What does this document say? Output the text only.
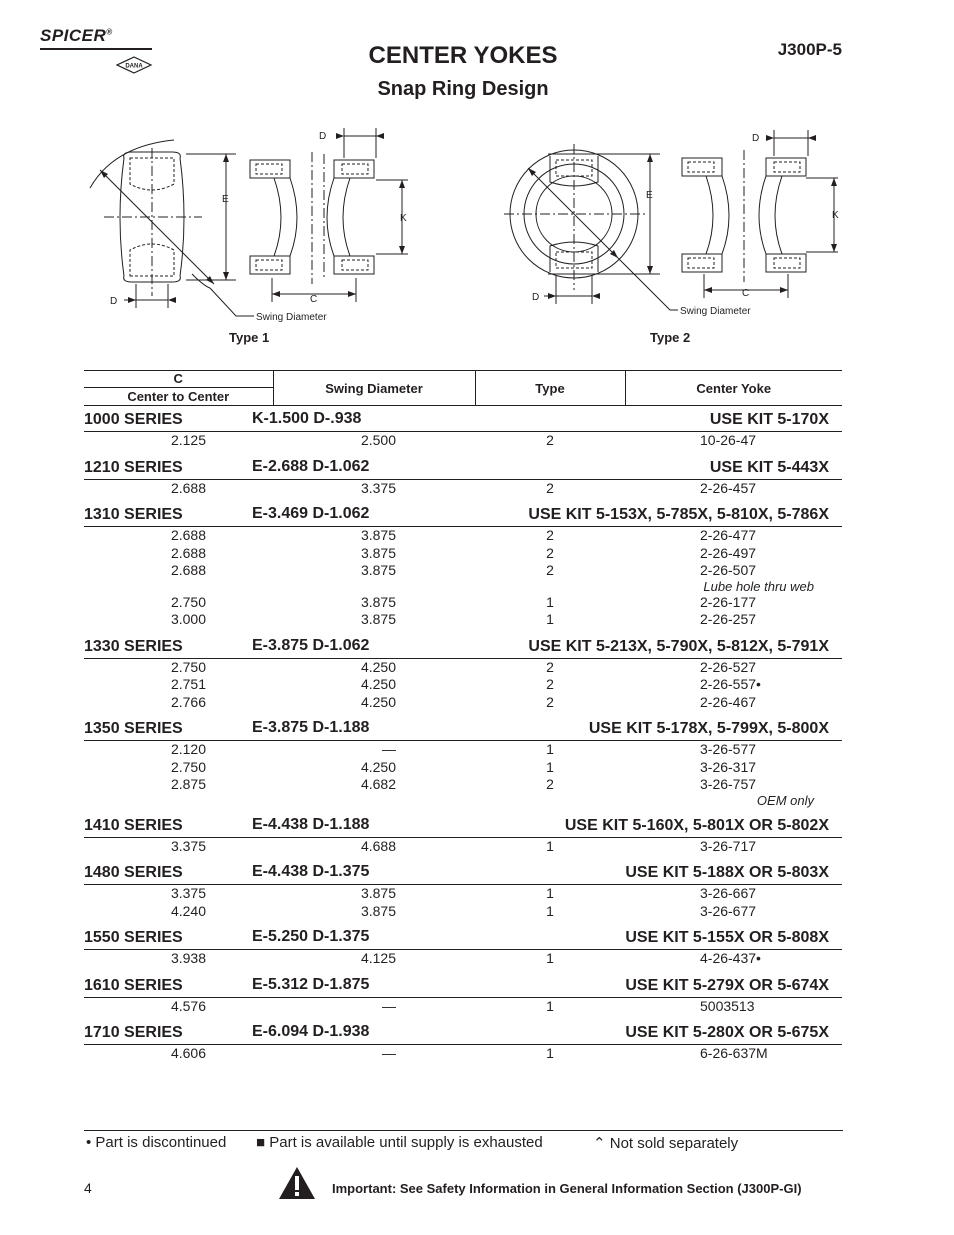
SPICER®
DANA	CENTER YOKES
Snap Ring Design
J300P-5
D
E
K
D	C
Swing Diameter
Type 1
D
E
K
D	C
Swing Diameter
Type 2
C	Swing Diameter	Type	Center Yoke
Center to Center			
1000 SERIES	K-1.500 D-.938	USE KIT 5-170X	
2.125	2.500	2	10-26-47

1210 SERIES	E-2.688 D-1.062	USE KIT 5-443X	
2.688	3.375	2	2-26-457

1310 SERIES	E-3.469 D-1.062	USE KIT 5-153X, 5-785X, 5-810X, 5-786X	
2.688	3.875	2	2-26-477
2.688	3.875	2	2-26-497
2.688	3.875	2	2-26-507
Lube hole thru web			
2.750	3.875	1	2-26-177
3.000	3.875	1	2-26-257

1330 SERIES	E-3.875 D-1.062	USE KIT 5-213X, 5-790X, 5-812X, 5-791X	
2.750	4.250	2	2-26-527
2.751	4.250	2	2-26-557•
2.766	4.250	2	2-26-467

1350 SERIES	E-3.875 D-1.188	USE KIT 5-178X, 5-799X, 5-800X	
2.120	—	1	3-26-577
2.750	4.250	1	3-26-317
2.875	4.682	2	3-26-757
OEM only			

1410 SERIES	E-4.438 D-1.188	USE KIT 5-160X, 5-801X OR 5-802X	
3.375	4.688	1	3-26-717

1480 SERIES	E-4.438 D-1.375	USE KIT 5-188X OR 5-803X	
3.375	3.875	1	3-26-667
4.240	3.875	1	3-26-677

1550 SERIES	E-5.250 D-1.375	USE KIT 5-155X OR 5-808X	
3.938	4.125	1	4-26-437•

1610 SERIES	E-5.312 D-1.875	USE KIT 5-279X OR 5-674X	
4.576	—	1	5003513

1710 SERIES	E-6.094 D-1.938	USE KIT 5-280X OR 5-675X	
4.606	—	1	6-26-637M

• Part is discontinued ■ Part is available until supply is exhausted	⌃ Not sold separately
4	Important: See Safety Information in General Information Section (J300P-GI)
